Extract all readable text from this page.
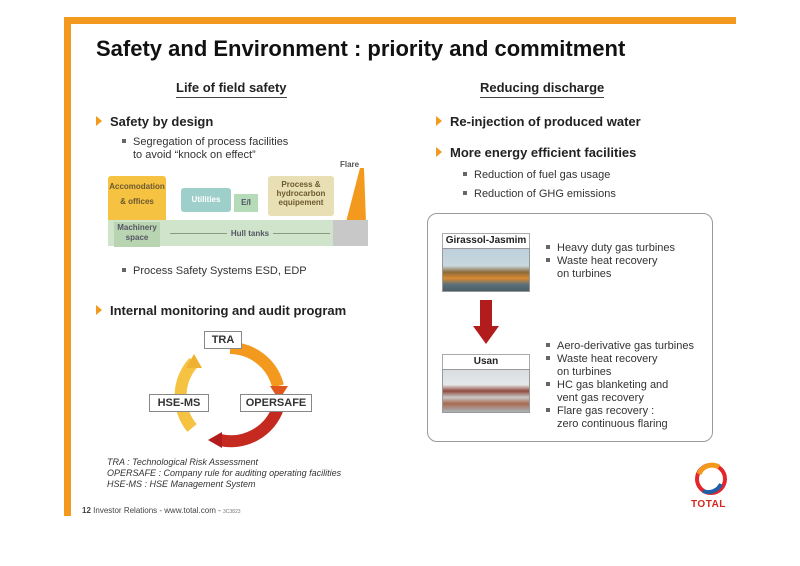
Safety and Environment : priority and commitment
Life of field safety
Safety by design
Segregation of process facilities
to avoid “knock on effect”
Accomodation
& offices	Utilities	E/I
Process &
hydrocarbon
equipement
Flare
Machinery
space	Hull tanks
Process Safety Systems ESD, EDP
Internal monitoring and audit program
TRA
HSE-MS	OPERSAFE
TRA : Technological Risk Assessment
OPERSAFE : Company rule for auditing operating facilities
HSE-MS : HSE Management System
Reducing discharge
Re-injection of produced water
More energy efficient facilities
Reduction of fuel gas usage
Reduction of GHG emissions
Girassol-Jasmim
Heavy duty gas turbines
Waste heat recovery
on turbines
Usan
Aero-derivative gas turbines
Waste heat recovery
on turbines
HC gas blanketing and
vent gas recovery
Flare gas recovery :
zero continuous flaring
12 Investor Relations - www.total.com - 3C3823
TOTAL
